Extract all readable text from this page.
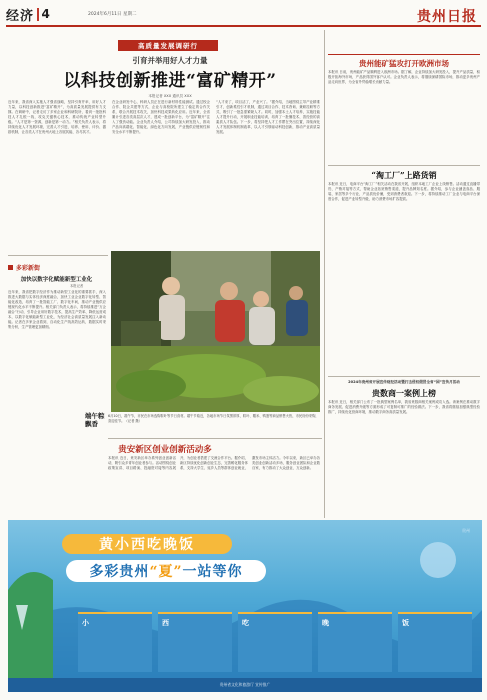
经济 4	2024年6月11日 星期二	贵州日报
高质量发展调研行
引育并举用好人才力量
以科技创新推进“富矿精开”
本报记者 XXX 通讯员 XXX
近年来，我省深入实施人才强省战略，坚持引育并举，用好人才力量，以科技创新推进“富矿精开”，为高质量发展提供有力支撑。在调研中，记者走访了多家企业和科研院所，看到一批批科技人才扎根一线，攻克关键核心技术，推动传统产业转型升级。“人才是第一资源，创新是第一动力。”相关负责人表示，将持续优化人才发展环境，完善人才引进、培养、使用、评价、激励机制，让各类人才在贵州大地上各展其能、各尽其才。
在企业研发中心，科研人员正在进行新材料性能测试。通过校企合作、院企共建等方式，企业与高校院所建立了稳定的合作关系，联合开展技术攻关，加快科技成果转化应用。近年来，全省累计引进各类高层次人才，建成一批创新平台，为“富矿精开”注入了强劲动能。企业负责人介绍，公司持续加大研发投入，推动产品向高端化、智能化、绿色化方向发展，产业链供应链韧性和安全水平不断提升。
“人才来了，项目活了，产业兴了。”据介绍，当地围绕主导产业精准引才，创新柔性引才机制，通过项目合作、技术咨询、兼职挂职等方式，吸引了一批急需紧缺人才。同时，加强本土人才培养，实施技能人才提升行动，开展职业技能培训，培育了一批懂技术、善经营的高素质人才队伍。下一步，将坚持把人才工作摆在突出位置，持续深化人才发展体制机制改革，以人才引领驱动科技创新，推动产业高质量发展。
多彩新街
加快以数字化赋能新型工业化
本报记者
近年来，我省把数字经济作为推动新型工业化的重要抓手，深入推进大数据与实体经济深度融合，加快工业企业数字化转型、智能化改造，培育了一批智能工厂、数字化车间，推动产业链供应链现代化水平不断提升。相关部门负责人表示，将持续推进“万企融合”行动，引导企业用好数字技术，提高生产效率、降低运营成本，以数字化赋能新型工业化，为经济社会高质量发展注入新动能。记者在多家企业看到，自动化生产线高效运转，数据实时采集分析，生产管理更加精细。
端午粽飘香
6月10日，端午节，市民在市场选购粽叶等节日食材。端午节临近，各地市场节日氛围浓厚，粽叶、糯米、鸭蛋等商品销售火热，市民纷纷采购，喜迎佳节。（记者 摄）
贵安新区创业创新活动多
本报讯 近日，贵安新区举办系列创业创新活动，吸引众多青年创业者参与。活动围绕创业政策宣讲、项目路演、投融资对接等内容展开，为创业者搭建了交流合作平台。据介绍，新区持续优化创新创业生态，完善孵化服务体系，支持大学生、返乡人员等群体创业就业，激发市场主体活力。今年以来，新区已举办各类创业创新活动多场，服务创业团队和企业数百家，有力推动了大众创业、万众创新。
贵州能矿猛攻打开欧洲市场
本报讯 日前，贵州能矿产品顺利进入欧洲市场。据了解，企业持续加大研发投入，提升产品质量，积极开拓海外市场，产品获得国外客户认可。企业负责人表示，将继续深耕国际市场，推动更多贵州产品走向世界，为全省外贸稳增长贡献力量。
“淘工厂”上路货销
本报讯 近日，电商平台“淘工厂”相关活动在我省开展，组织本地工厂企业上线销售。活动通过直播带货、产销对接等方式，帮助企业拓宽销售渠道，提升品牌知名度。据介绍，参与企业涵盖食品、服装、家居等多个行业，产品质优价廉，受到消费者欢迎。下一步，将持续推动工厂企业与电商平台深度合作，促进产业转型升级，助力消费市场扩容提质。
2024年贵州省开展宣传财经活动暨打击侵权假冒全省“国”宣传月活动
贵数商一案例上榜
本报讯 近日，相关部门公布了一批典型案例名单，我省贵数商相关案例成功入选。该案例在推动数字商务发展、促进消费升级等方面形成了可复制可推广的经验做法。下一步，我省将继续加强典型经验推广，持续优化营商环境，推动数字商务高质量发展。
黄小西吃晚饭
多彩贵州 “夏” 一站等你
贵州
小	西	吃	晚	饭
贵州省文化和旅游厅 宣传推广
